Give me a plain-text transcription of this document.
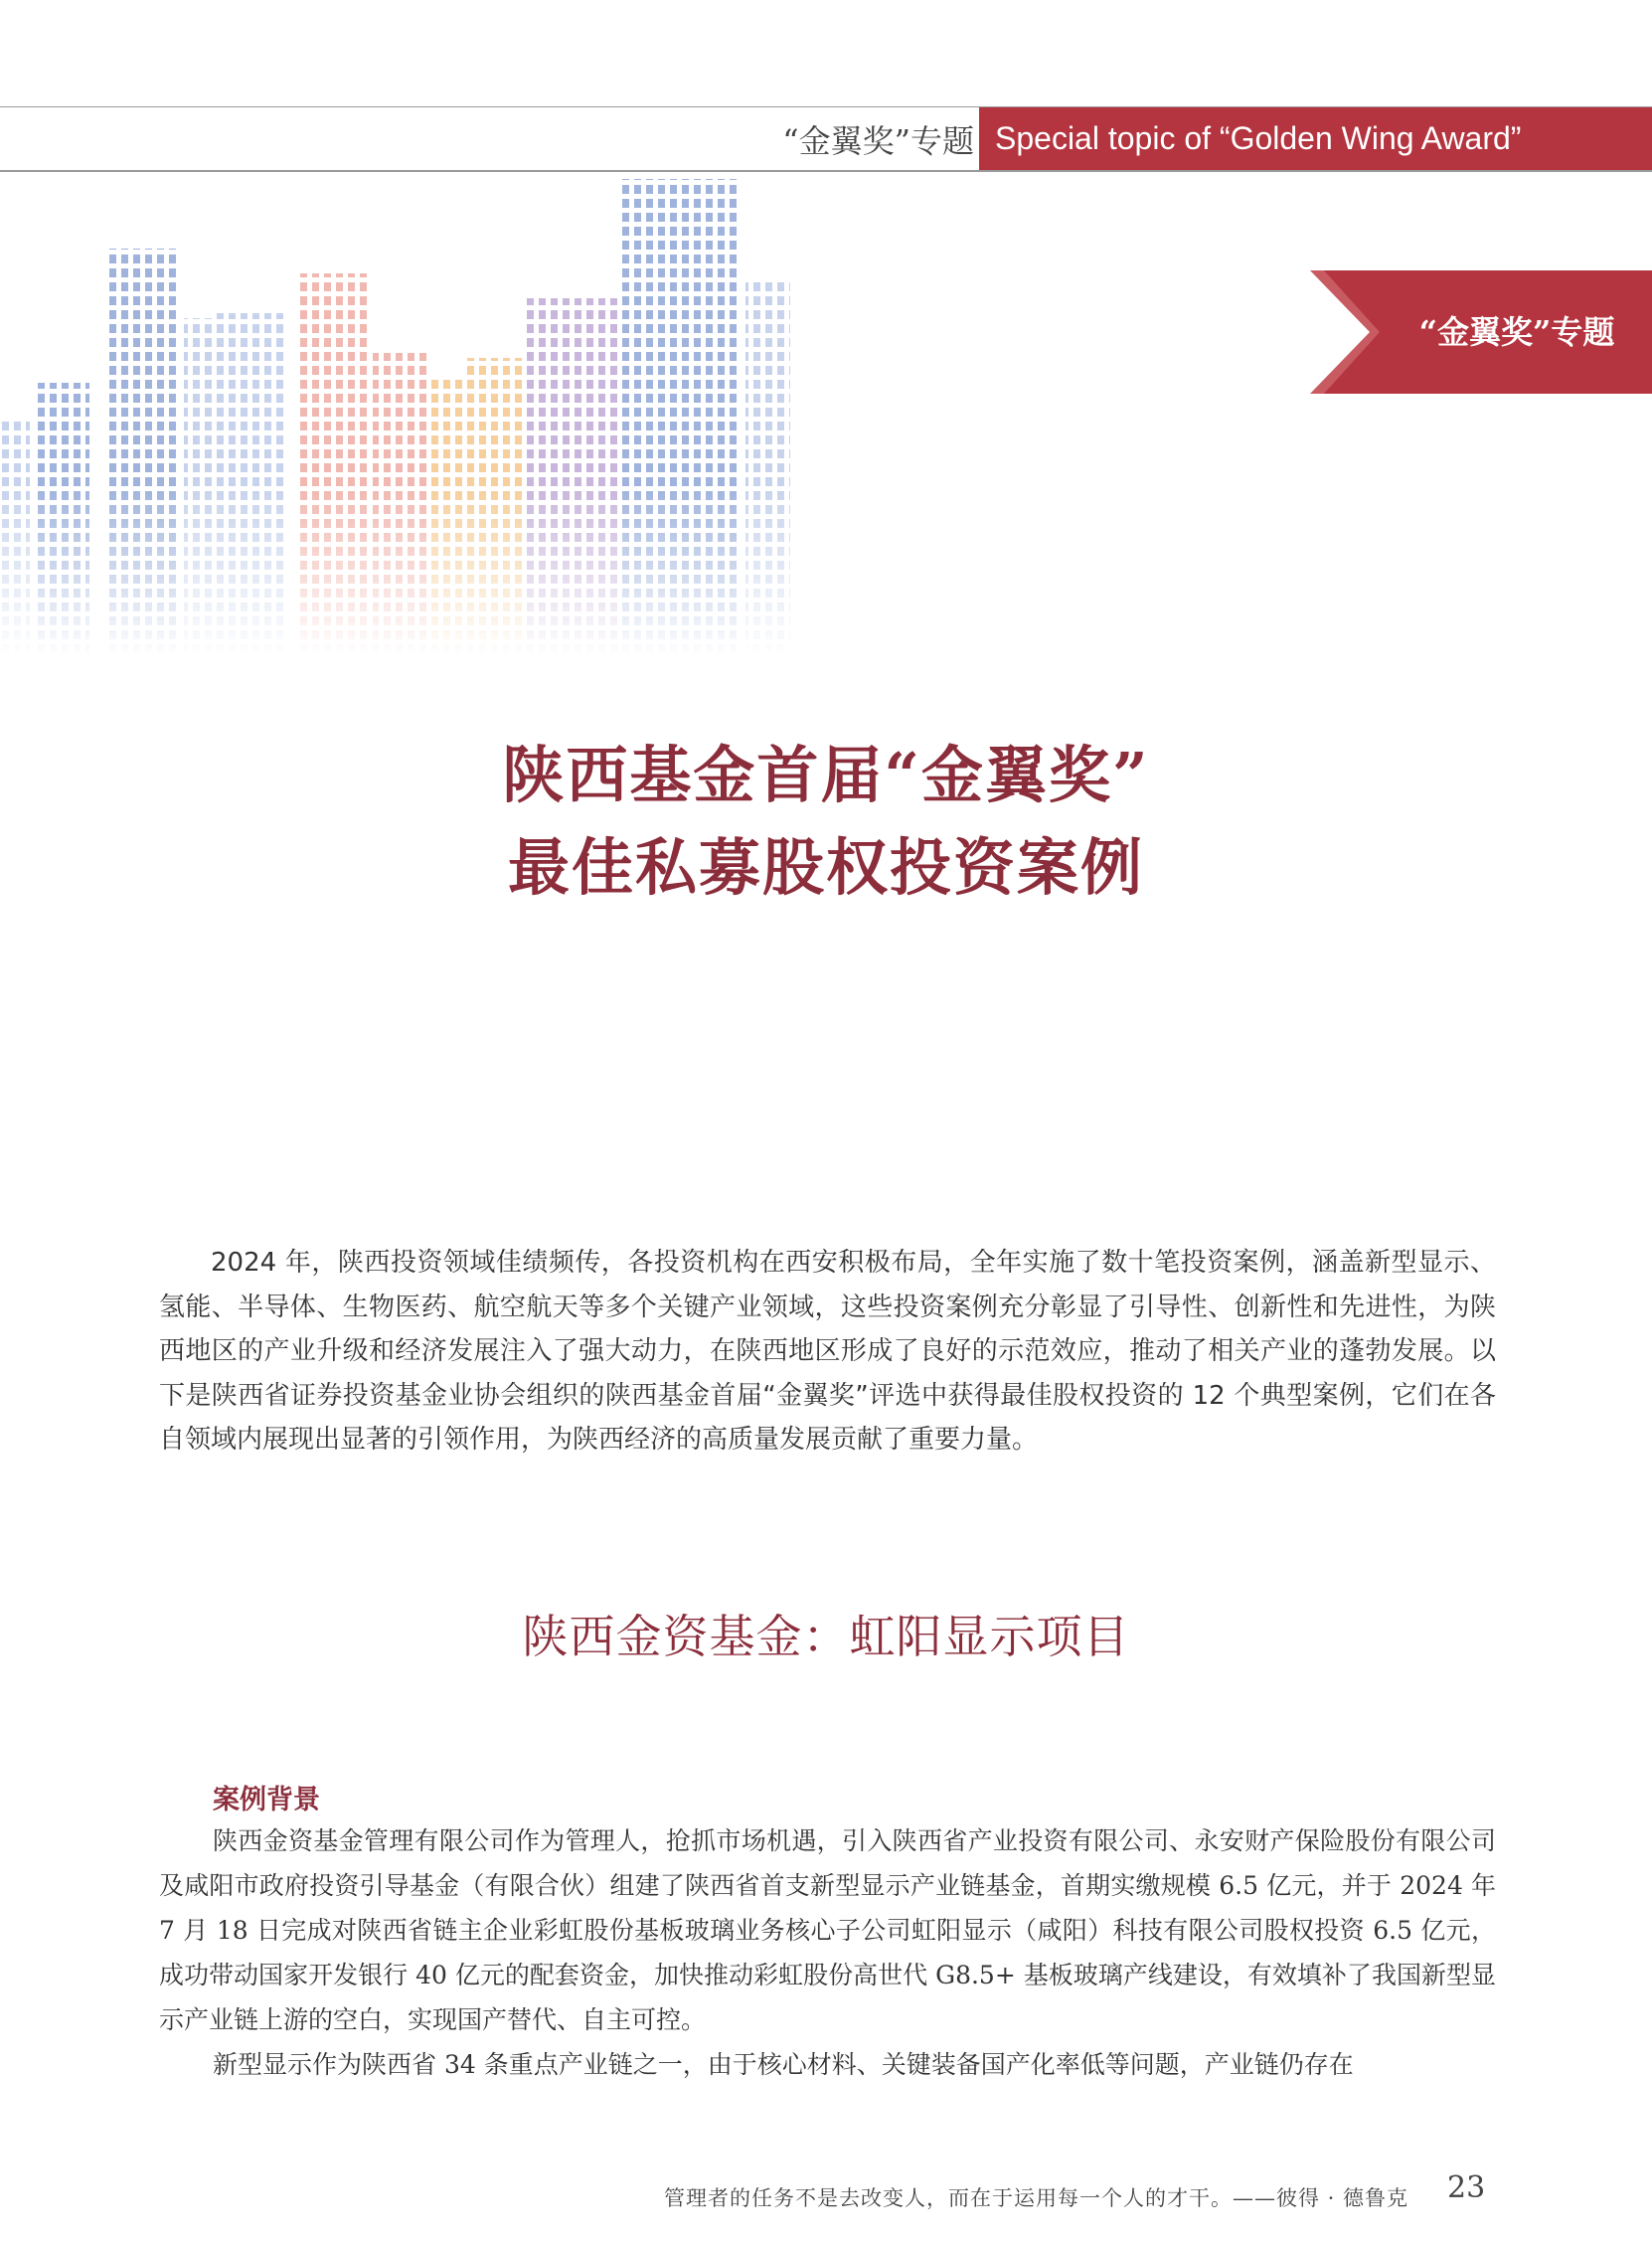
“金翼奖”专题 Special topic of “Golden Wing Award”
“金翼奖”专题
陕西基金首届“金翼奖”
最佳私募股权投资案例

2024 年，陕西投资领域佳绩频传，各投资机构在西安积极布局，全年实施了数十笔投资案例，涵盖新型显示、氢能、半导体、生物医药、航空航天等多个关键产业领域，这些投资案例充分彰显了引导性、创新性和先进性，为陕西地区的产业升级和经济发展注入了强大动力，在陕西地区形成了良好的示范效应，推动了相关产业的蓬勃发展。以下是陕西省证券投资基金业协会组织的陕西基金首届“金翼奖”评选中获得最佳股权投资的 12 个典型案例，它们在各自领域内展现出显著的引领作用，为陕西经济的高质量发展贡献了重要力量。

陕西金资基金：虹阳显示项目
案例背景

陕西金资基金管理有限公司作为管理人，抢抓市场机遇，引入陕西省产业投资有限公司、永安财产保险股份有限公司及咸阳市政府投资引导基金（有限合伙）组建了陕西省首支新型显示产业链基金，首期实缴规模 6.5 亿元，并于 2024 年 7 月 18 日完成对陕西省链主企业彩虹股份基板玻璃业务核心子公司虹阳显示（咸阳）科技有限公司股权投资 6.5 亿元，成功带动国家开发银行 40 亿元的配套资金，加快推动彩虹股份高世代 G8.5+ 基板玻璃产线建设，有效填补了我国新型显示产业链上游的空白，实现国产替代、自主可控。

新型显示作为陕西省 34 条重点产业链之一，由于核心材料、关键装备国产化率低等问题，产业链仍存在

管理者的任务不是去改变人，而在于运用每一个人的才干。——彼得 · 德鲁克 23
